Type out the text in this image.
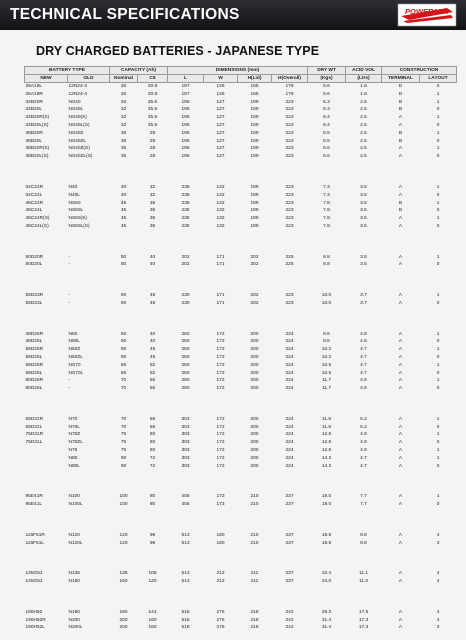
TECHNICAL SPECIFICATIONS	POWER
PACK
DRY CHARGED BATTERIES - JAPANESE TYPE
BATTERY TYPE		CAPACITY (Ah)		DIMENSIONS (mm)				DRY WT	ACID VOL	CONSTRUCTION	
NEW	OLD	Nominal	C5	L	W	H(Lid)	H(Overall)	(Kgs)	(Ltrs)	TERMINAL	LAYOUT
26A19L	12N24-3	26	20.8	187	126	165	179	5.6	1.8	D	0
26A19R	12N24-4	26	20.8	187	126	165	179	5.6	1.8	D	1
32B20R	NS40	32	25.6	195	127	199	223	6.3	2.5	B	1
32B20L	NS40L	32	25.6	195	127	199	223	6.3	2.5	B	0
32B20R(S)	NS40(S)	32	25.6	195	127	199	223	6.4	2.5	A	1
32B20L(S)	NS40L(S)	32	25.6	195	127	199	223	6.4	2.5	A	0
36B20R	NS40Z	35	28	195	127	199	223	6.5	2.5	B	1
36B20L	NS40ZL	35	28	195	127	199	223	6.5	2.5	B	0
36B20R(S)	NS40Z(S)	35	28	195	127	199	223	6.6	2.5	A	1
36B20L(S)	NS40ZL(S)	35	28	195	127	199	223	6.6	2.5	A	0

32C24R	N40	40	32	235	132	199	223	7.3	3.5	A	1
32C24L	N40L	40	32	235	132	199	223	7.3	3.5	A	0
46C24R	NS60	45	36	235	132	199	223	7.8	3.5	B	1
46C24L	NS60L	45	36	235	132	199	223	7.8	3.5	B	0
46C24R(S)	NS60(S)	45	36	235	132	199	223	7.8	3.5	A	1
46C24L(S)	NS60L(S)	45	36	235	132	199	223	7.8	3.5	A	0

50D20R	-	50	40	202	171	202	225	8.8	3.5	A	1
50D20L	-	50	40	202	171	202	225	8.8	3.5	A	0

55D23R	-	60	48	230	171	202	223	10.0	3.7	A	1
55D23L	-	60	48	230	171	202	223	10.0	3.7	A	0

48D26R	N50	50	40	260	172	200	224	8.6	4.8	A	1
48D26L	N50L	50	40	260	172	200	224	8.6	4.8	A	0
55D26R	N50Z	60	48	260	172	200	224	10.2	4.7	A	1
55D26L	N50ZL	60	48	260	172	200	224	10.2	4.7	A	0
65D26R	NS70	65	52	260	172	200	224	10.5	4.7	A	1
65D26L	NS70L	65	52	260	172	200	224	10.5	4.7	A	0
80D26R	-	70	56	260	172	200	224	11.7	4.6	A	1
80D26L	-	70	56	260	172	200	224	11.7	4.6	A	0

65D31R	N70	70	56	303	172	200	224	11.8	5.2	A	1
65D31L	N70L	70	56	303	172	200	224	11.8	5.2	A	0
75D31R	N70Z	75	60	303	172	200	224	12.6	4.9	A	1
75D31L	N70ZL	75	60	303	172	200	224	12.6	4.9	A	0
	N75	75	60	303	172	200	224	12.6	4.9	A	1
	N80	90	72	303	172	200	224	14.2	4.7	A	1
	N80L	90	72	303	172	200	224	14.2	4.7	A	0

95E41R	N100	100	80	405	173	210	237	19.0	7.7	A	1
95E41L	N100L	100	80	405	173	210	237	19.0	7.7	A	0

115F51R	N120	120	96	513	180	210	237	19.8	9.8	A	4
115F51L	N120L	120	96	513	180	210	237	19.8	9.8	A	3

135G51	N135	135	108	513	212	211	237	22.4	11.1	A	4
145G51	N150	150	120	513	212	211	237	24.0	11.0	A	4

180H52	N180	180	144	518	276	218	242	29.3	17.5	A	4
190H52R	N200	200	160	518	276	218	242	31.4	17.3	A	4
190H52L	N200L	200	160	518	276	218	242	31.4	17.3	A	3
